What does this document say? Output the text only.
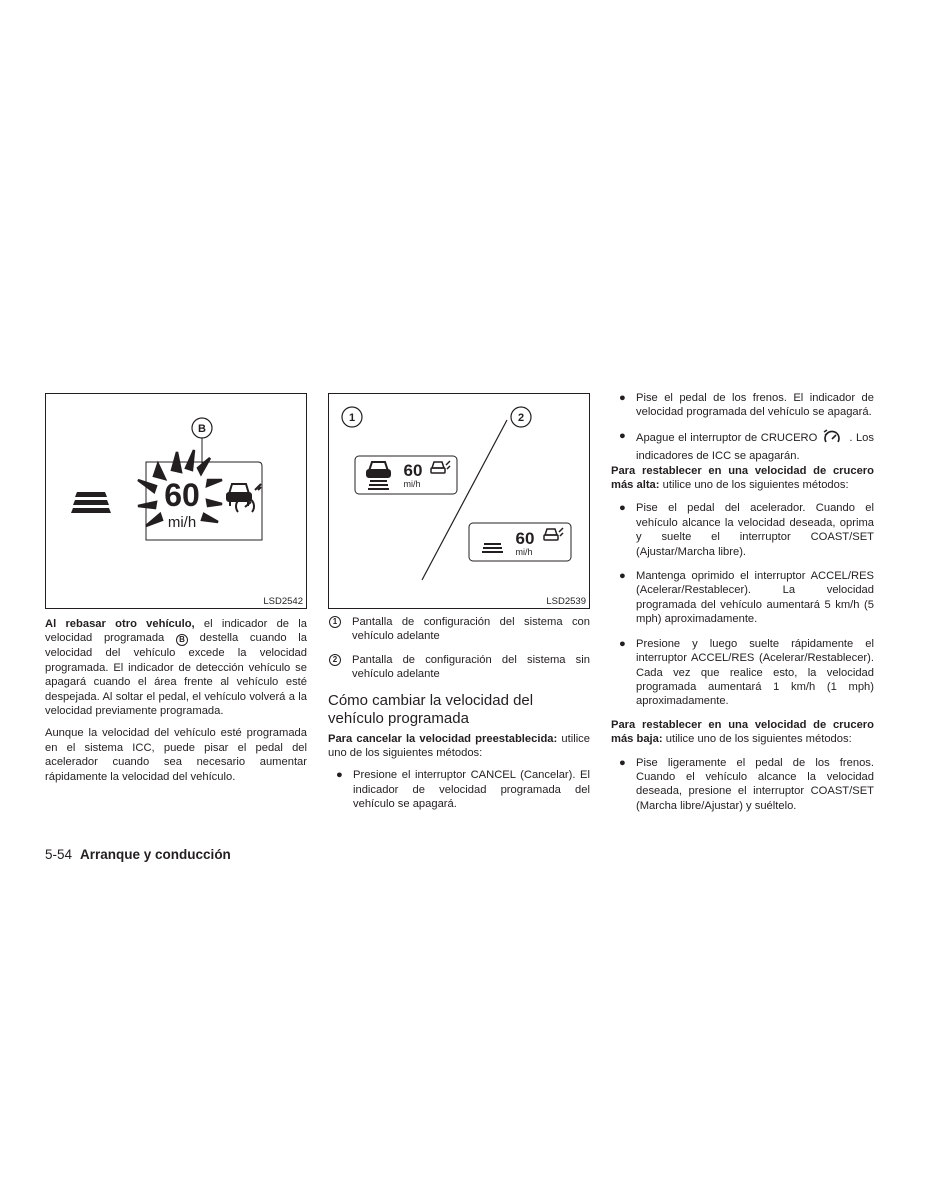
B
60
mi/h
LSD2542

Al rebasar otro vehículo, el indicador de la velocidad programada B destella cuando la velocidad del vehículo excede la velocidad programada. El indicador de detección vehículo se apagará cuando el área frente al vehículo esté despejada. Al soltar el pedal, el vehículo volverá a la velocidad previamente programada.

Aunque la velocidad del vehículo esté programada en el sistema ICC, puede pisar el pedal del acelerador cuando sea necesario aumentar rápidamente la velocidad del vehículo.

1	2
60
mi/h
60
mi/h
LSD2539
1	Pantalla de configuración del sistema con vehículo adelante
2	Pantalla de configuración del sistema sin vehículo adelante
Cómo cambiar la velocidad del vehículo programada

Para cancelar la velocidad preestablecida: utilice uno de los siguientes métodos:

● Presione el interruptor CANCEL (Cancelar). El indicador de velocidad programada del vehículo se apagará.
● Pise el pedal de los frenos. El indicador de velocidad programada del vehículo se apagará.
● Apague el interruptor de CRUCERO	. Los indicadores de ICC se apagarán.

Para restablecer en una velocidad de crucero más alta: utilice uno de los siguientes métodos:

● Pise el pedal del acelerador. Cuando el vehículo alcance la velocidad deseada, oprima y suelte el interruptor COAST/SET (Ajustar/Marcha libre).
● Mantenga oprimido el interruptor ACCEL/RES (Acelerar/Restablecer). La velocidad programada del vehículo aumentará 5 km/h (5 mph) aproximadamente.
● Presione y luego suelte rápidamente el interruptor ACCEL/RES (Acelerar/Restablecer). Cada vez que realice esto, la velocidad programada aumentará 1 km/h (1 mph) aproximadamente.

Para restablecer en una velocidad de crucero más baja: utilice uno de los siguientes métodos:

● Pise ligeramente el pedal de los frenos. Cuando el vehículo alcance la velocidad deseada, presione el interruptor COAST/SET (Marcha libre/Ajustar) y suéltelo.
5-54 Arranque y conducción
